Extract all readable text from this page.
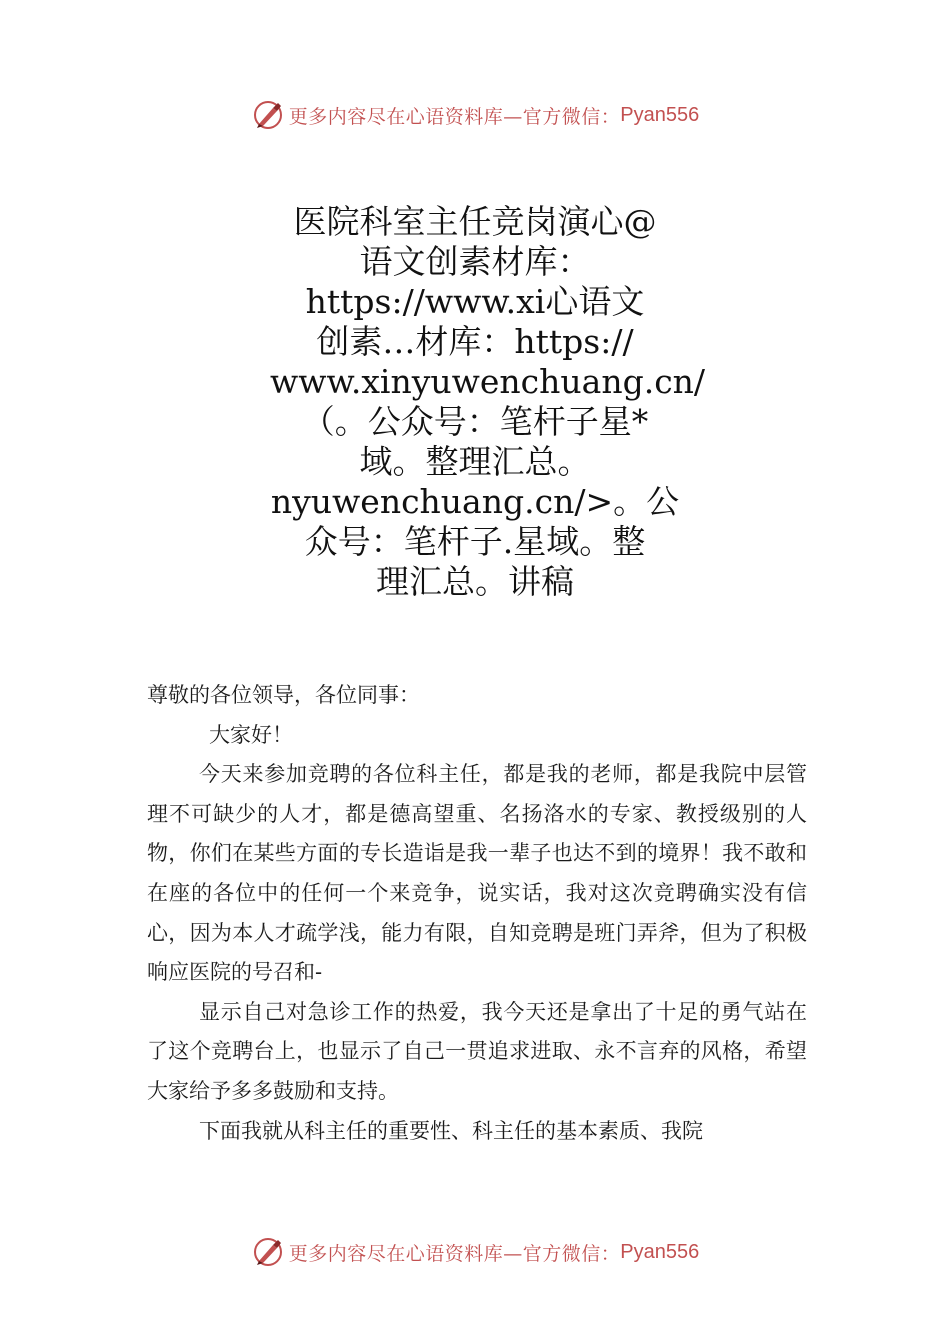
更多内容尽在心语资料库—官方微信： Pyan556
医院科室主任竞岗演心@
语文创素材库：
https://www.xi心语文
创素…材库：https://
www.xinyuwenchuang.cn/
（。公众号：笔杆子星*
域。整理汇总。
nyuwenchuang.cn/>。公
众号：笔杆子.星域。整
理汇总。讲稿

尊敬的各位领导，各位同事：

大家好！

今天来参加竞聘的各位科主任，都是我的老师，都是我院中层管理不可缺少的人才，都是德高望重、名扬洛水的专家、教授级别的人物，你们在某些方面的专长造诣是我一辈子也达不到的境界！我不敢和在座的各位中的任何一个来竞争，说实话，我对这次竞聘确实没有信心，因为本人才疏学浅，能力有限，自知竞聘是班门弄斧，但为了积极响应医院的号召和-

显示自己对急诊工作的热爱，我今天还是拿出了十足的勇气站在了这个竞聘台上，也显示了自己一贯追求进取、永不言弃的风格，希望大家给予多多鼓励和支持。

下面我就从科主任的重要性、科主任的基本素质、我院

更多内容尽在心语资料库—官方微信： Pyan556
